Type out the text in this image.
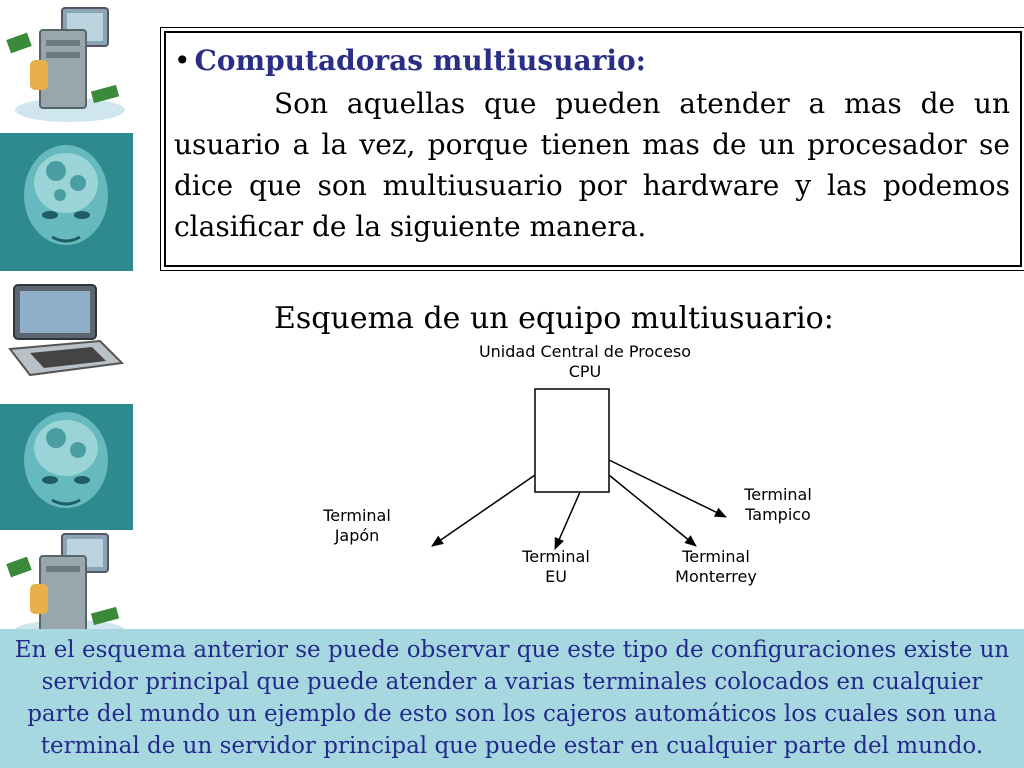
• Computadoras multiusuario:

Son aquellas que pueden atender a mas de un usuario a la vez, porque tienen mas de un procesador se dice que son multiusuario por hardware y las podemos clasificar de la siguiente manera.

Esquema de un equipo multiusuario:
Unidad Central de Proceso
CPU
Terminal
Japón
Terminal
EU
Terminal
Monterrey
Terminal
Tampico
En el esquema anterior se puede observar que este tipo de configuraciones existe un servidor principal que puede atender a varias terminales colocados en cualquier parte del mundo un ejemplo de esto son los cajeros automáticos los cuales son una terminal de un servidor principal que puede estar en cualquier parte del mundo.
